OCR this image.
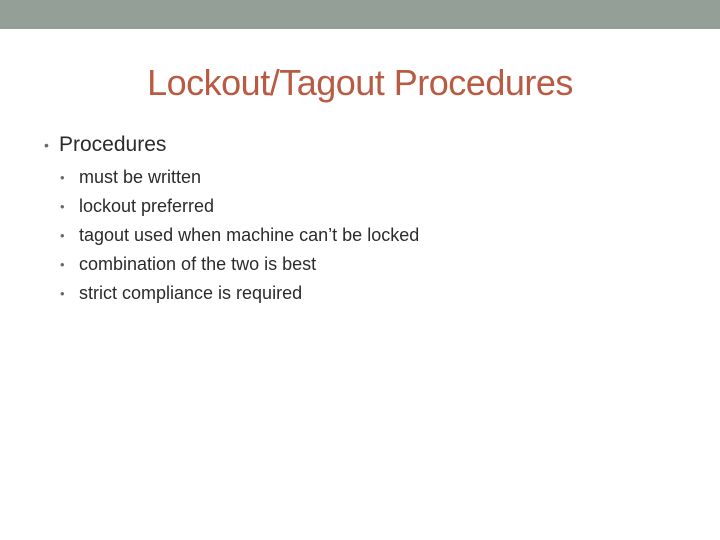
Lockout/Tagout Procedures
• Procedures
• must be written
• lockout preferred
• tagout used when machine can’t be locked
• combination of the two is best
• strict compliance is required
